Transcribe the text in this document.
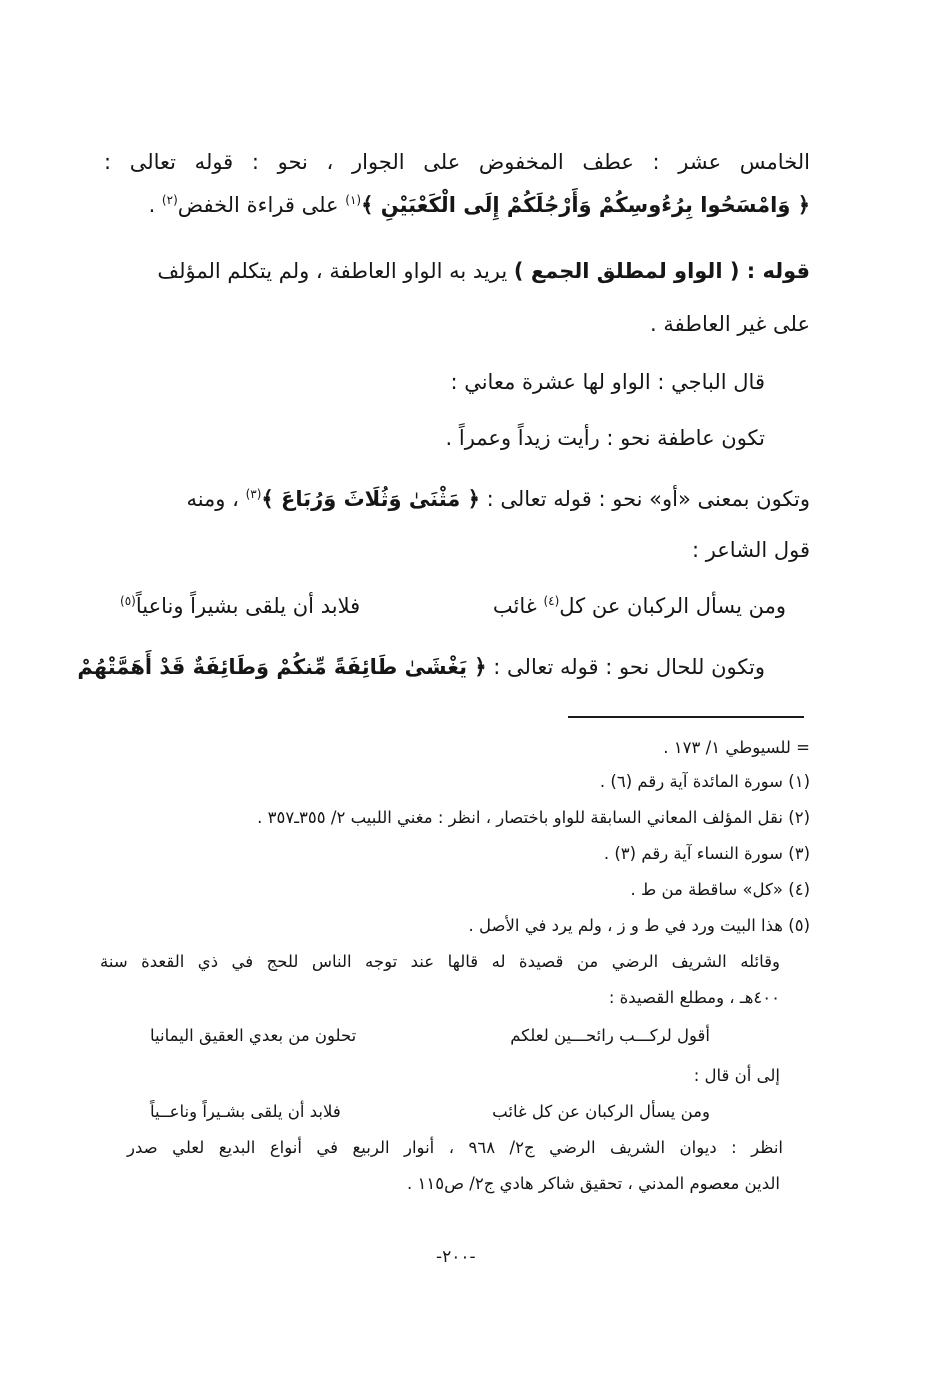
الخامس عشر : عطف المخفوض على الجوار ، نحو : قوله تعالى :
﴿ وَامْسَحُوا بِرُءُوسِكُمْ وَأَرْجُلَكُمْ إِلَى الْكَعْبَيْنِ ﴾$^{(١)}$ على قراءة الخفض$^{(٢)}$ .
قوله : ( الواو لمطلق الجمع ) يريد به الواو العاطفة ، ولم يتكلم المؤلف
على غير العاطفة .
قال الباجي : الواو لها عشرة معاني :
تكون عاطفة نحو : رأيت زيداً وعمراً .
وتكون بمعنى «أو» نحو : قوله تعالى : ﴿ مَثْنَىٰ وَثُلَاثَ وَرُبَاعَ ﴾$^{(٣)}$ ، ومنه
قول الشاعر :
ومن يسأل الركبان عن كل$^{(٤)}$ غائب
فلابد أن يلقى بشيراً وناعياً$^{(٥)}$
وتكون للحال نحو : قوله تعالى : ﴿ يَغْشَىٰ طَائِفَةً مِّنكُمْ وَطَائِفَةٌ قَدْ أَهَمَّتْهُمْ
= للسيوطي ١/ ١٧٣ .
(١) سورة المائدة آية رقم (٦) .
(٢) نقل المؤلف المعاني السابقة للواو باختصار ، انظر : مغني اللبيب ٢/ ٣٥٥ـ٣٥٧ .
(٣) سورة النساء آية رقم (٣) .
(٤) «كل» ساقطة من ط .
(٥) هذا البيت ورد في ط و ز ، ولم يرد في الأصل .
وقائله الشريف الرضي من قصيدة له قالها عند توجه الناس للحج في ذي القعدة سنة
٤٠٠هـ ، ومطلع القصيدة :
أقول لركـــب رائحـــين لعلكم
تحلون من بعدي العقيق اليمانيا
إلى أن قال :
ومن يسأل الركبان عن كل غائب
فلابد أن يلقى بشـيراً وناعــياً
انظر : ديوان الشريف الرضي ج٢/ ٩٦٨ ، أنوار الربيع في أنواع البديع لعلي صدر
الدين معصوم المدني ، تحقيق شاكر هادي ج٢/ ص١١٥ .
-٢٠٠-
